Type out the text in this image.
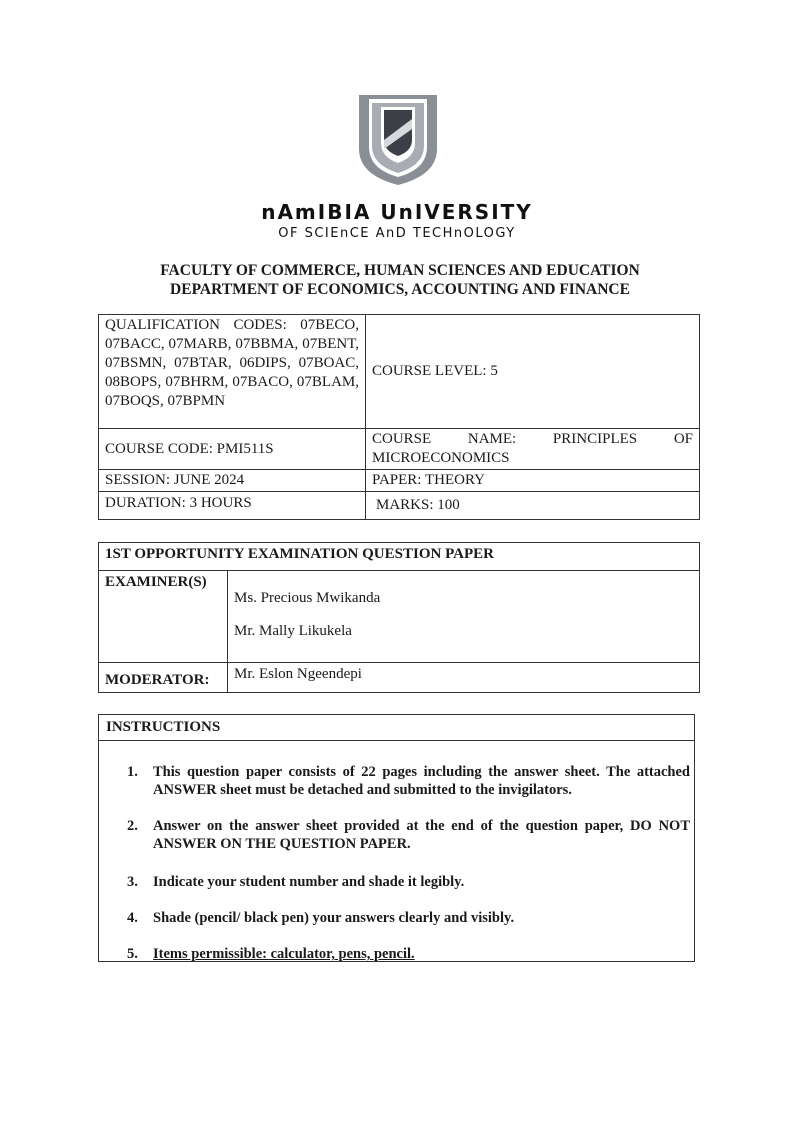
nAmIBIA UnIVERSITY
OF SCIEnCE AnD TECHnOLOGY
FACULTY OF COMMERCE, HUMAN SCIENCES AND EDUCATION
DEPARTMENT OF ECONOMICS, ACCOUNTING AND FINANCE
QUALIFICATION CODES: 07BECO, 07BACC, 07MARB, 07BBMA, 07BENT, 07BSMN, 07BTAR, 06DIPS, 07BOAC, 08BOPS, 07BHRM, 07BACO, 07BLAM, 07BOQS, 07BPMN	COURSE LEVEL: 5
COURSE CODE: PMI511S	COURSE NAME: PRINCIPLES OF MICROECONOMICS
SESSION: JUNE 2024	PAPER: THEORY
DURATION: 3 HOURS	MARKS: 100
1ST OPPORTUNITY EXAMINATION QUESTION PAPER	
EXAMINER(S)	Ms. Precious Mwikanda
Mr. Mally Likukela

MODERATOR:	Mr. Eslon Ngeendepi
INSTRUCTIONS
1.	This question paper consists of 22 pages including the answer sheet. The attached ANSWER sheet must be detached and submitted to the invigilators.
2.	Answer on the answer sheet provided at the end of the question paper, DO NOT ANSWER ON THE QUESTION PAPER.
3.	Indicate your student number and shade it legibly.
4.	Shade (pencil/ black pen) your answers clearly and visibly.
5.	Items permissible: calculator, pens, pencil.
